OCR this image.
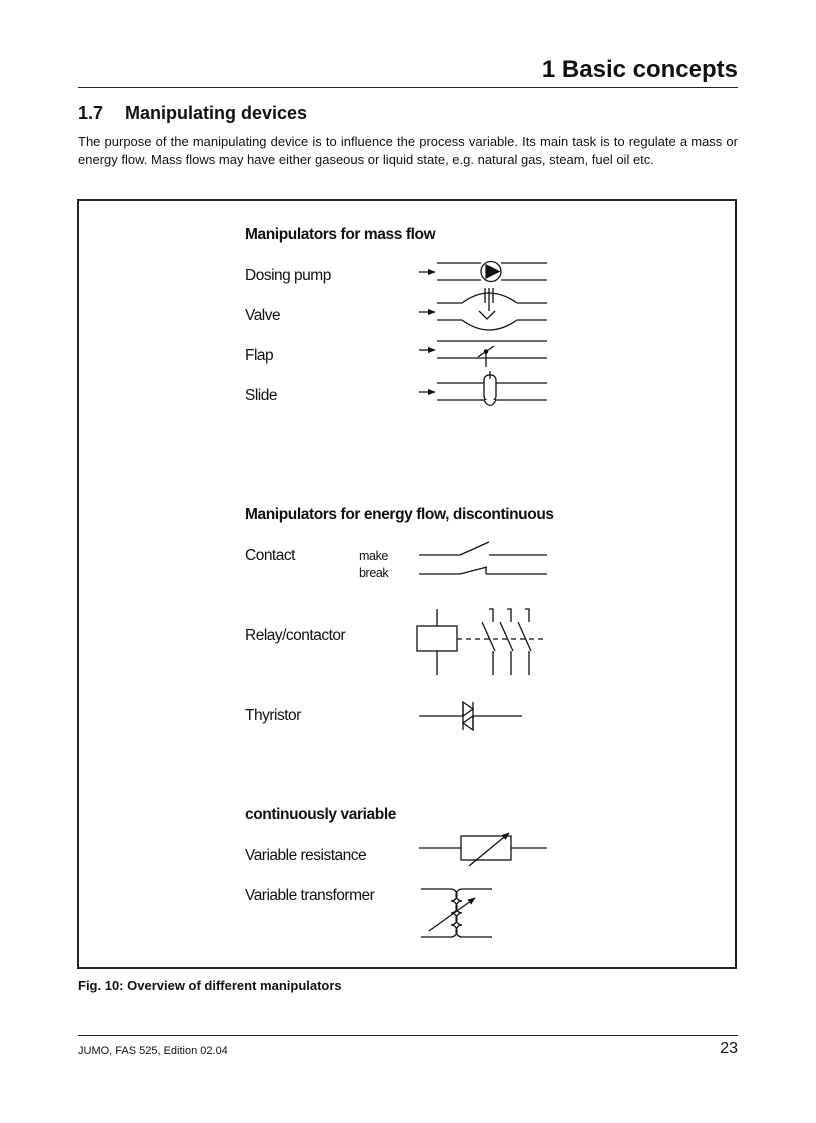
1 Basic concepts
1.7 Manipulating devices

The purpose of the manipulating device is to influence the process variable. Its main task is to regulate a mass or energy flow. Mass flows may have either gaseous or liquid state, e.g. natural gas, steam, fuel oil etc.

Manipulators for mass flow
Dosing pump
Valve
Flap
Slide
Manipulators for energy flow, discontinuous
Contact	make
break
Relay/contactor
Thyristor
continuously variable
Variable resistance
Variable transformer

Fig. 10: Overview of different manipulators

JUMO, FAS 525, Edition 02.04	23
